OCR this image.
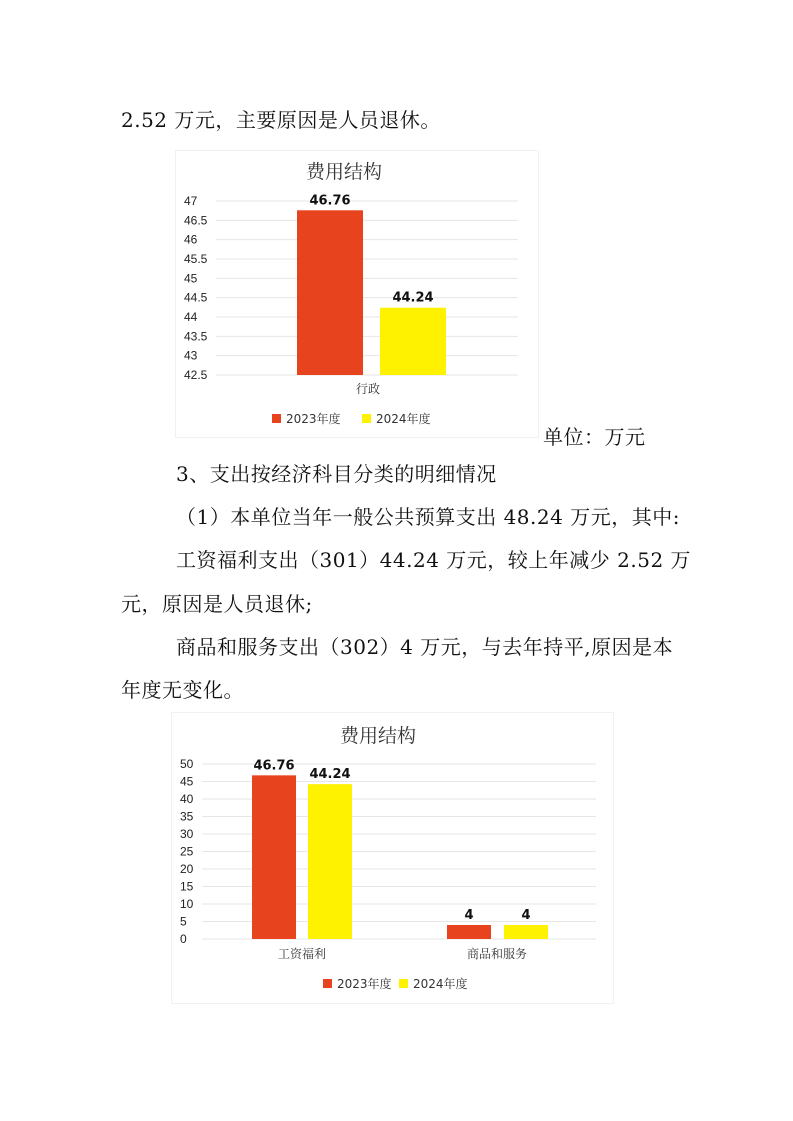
2.52 万元，主要原因是人员退休。
费用结构
47
46.5
46
45.5
45
44.5
44
43.5
43
42.5
46.76
44.24
行政
2023年度	2024年度
单位：万元
3、支出按经济科目分类的明细情况
（1）本单位当年一般公共预算支出 48.24 万元，其中:
工资福利支出（301）44.24 万元，较上年减少 2.52 万
元，原因是人员退休;
商品和服务支出（302）4 万元，与去年持平,原因是本
年度无变化。
费用结构
50
45
40
35
30
25
20
15
10
5
0
46.76
44.24
工资福利
4	4
商品和服务
2023年度 2024年度
